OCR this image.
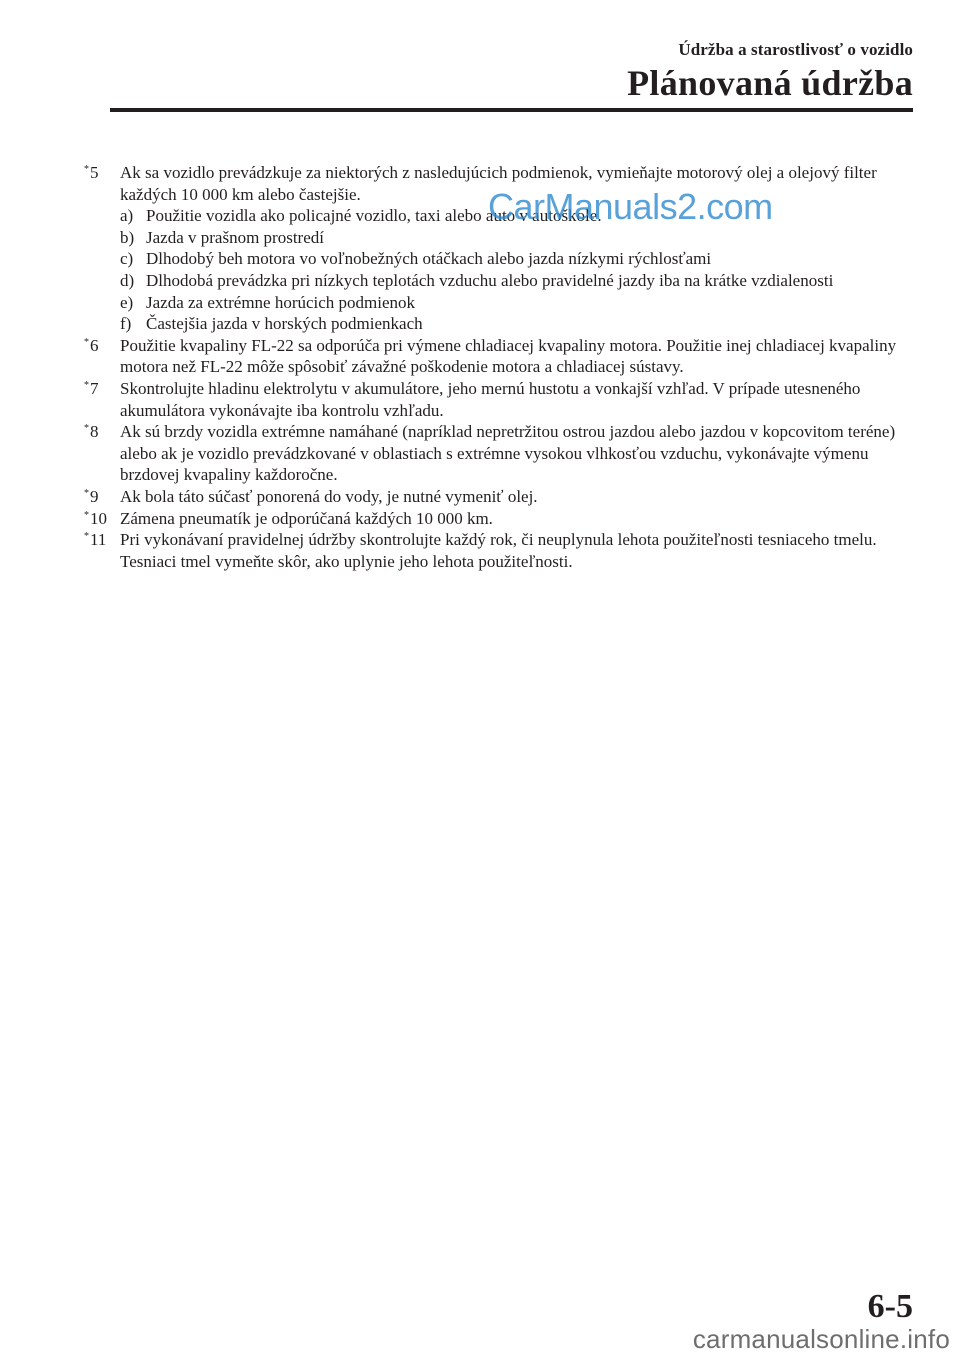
Údržba a starostlivosť o vozidlo
Plánovaná údržba
*5 Ak sa vozidlo prevádzkuje za niektorých z nasledujúcich podmienok, vymieňajte motorový olej a olejový filter každých 10 000 km alebo častejšie.
a) Použitie vozidla ako policajné vozidlo, taxi alebo auto v autoškole.
b) Jazda v prašnom prostredí
c) Dlhodobý beh motora vo voľnobežných otáčkach alebo jazda nízkymi rýchlosťami
d) Dlhodobá prevádzka pri nízkych teplotách vzduchu alebo pravidelné jazdy iba na krátke vzdialenosti
e) Jazda za extrémne horúcich podmienok
f) Častejšia jazda v horských podmienkach
*6 Použitie kvapaliny FL-22 sa odporúča pri výmene chladiacej kvapaliny motora. Použitie inej chladiacej kvapaliny motora než FL-22 môže spôsobiť závažné poškodenie motora a chladiacej sústavy.
*7 Skontrolujte hladinu elektrolytu v akumulátore, jeho mernú hustotu a vonkajší vzhľad. V prípade utesneného akumulátora vykonávajte iba kontrolu vzhľadu.
*8 Ak sú brzdy vozidla extrémne namáhané (napríklad nepretržitou ostrou jazdou alebo jazdou v kopcovitom teréne) alebo ak je vozidlo prevádzkované v oblastiach s extrémne vysokou vlhkosťou vzduchu, vykonávajte výmenu brzdovej kvapaliny každoročne.
*9 Ak bola táto súčasť ponorená do vody, je nutné vymeniť olej.
*10 Zámena pneumatík je odporúčaná každých 10 000 km.
*11 Pri vykonávaní pravidelnej údržby skontrolujte každý rok, či neuplynula lehota použiteľnosti tesniaceho tmelu. Tesniaci tmel vymeňte skôr, ako uplynie jeho lehota použiteľnosti.
CarManuals2.com
6-5
carmanualsonline.info
